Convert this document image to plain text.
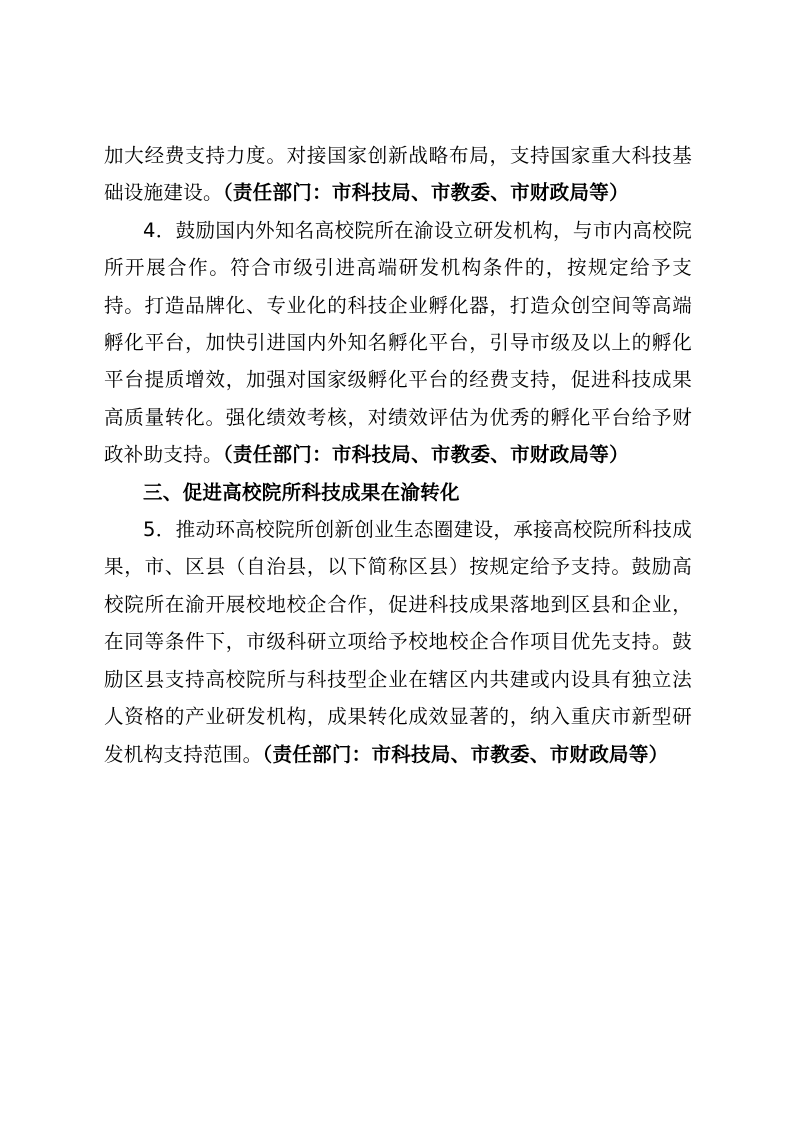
加大经费支持力度。对接国家创新战略布局，支持国家重大科技基础设施建设。（责任部门：市科技局、市教委、市财政局等）

4．鼓励国内外知名高校院所在渝设立研发机构，与市内高校院所开展合作。符合市级引进高端研发机构条件的，按规定给予支持。打造品牌化、专业化的科技企业孵化器，打造众创空间等高端孵化平台，加快引进国内外知名孵化平台，引导市级及以上的孵化平台提质增效，加强对国家级孵化平台的经费支持，促进科技成果高质量转化。强化绩效考核，对绩效评估为优秀的孵化平台给予财政补助支持。（责任部门：市科技局、市教委、市财政局等）

三、促进高校院所科技成果在渝转化

5．推动环高校院所创新创业生态圈建设，承接高校院所科技成果，市、区县（自治县，以下简称区县）按规定给予支持。鼓励高校院所在渝开展校地校企合作，促进科技成果落地到区县和企业，在同等条件下，市级科研立项给予校地校企合作项目优先支持。鼓励区县支持高校院所与科技型企业在辖区内共建或内设具有独立法人资格的产业研发机构，成果转化成效显著的，纳入重庆市新型研发机构支持范围。（责任部门：市科技局、市教委、市财政局等）
